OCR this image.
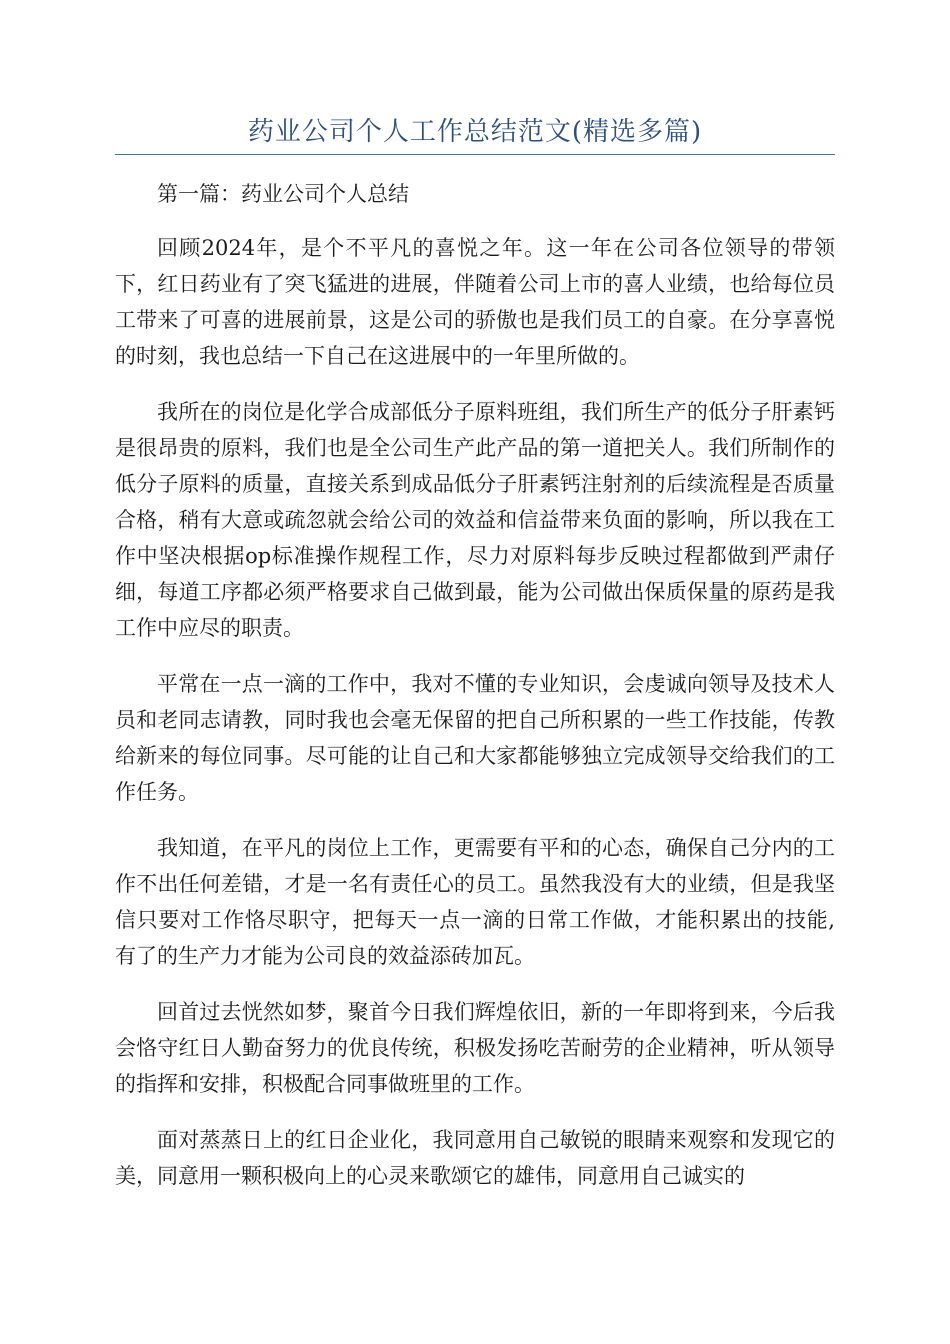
药业公司个人工作总结范文(精选多篇)

第一篇：药业公司个人总结

回顾2024年，是个不平凡的喜悦之年。这一年在公司各位领导的带领下，红日药业有了突飞猛进的进展，伴随着公司上市的喜人业绩，也给每位员工带来了可喜的进展前景，这是公司的骄傲也是我们员工的自豪。在分享喜悦的时刻，我也总结一下自己在这进展中的一年里所做的。

我所在的岗位是化学合成部低分子原料班组，我们所生产的低分子肝素钙是很昂贵的原料，我们也是全公司生产此产品的第一道把关人。我们所制作的低分子原料的质量，直接关系到成品低分子肝素钙注射剂的后续流程是否质量合格，稍有大意或疏忽就会给公司的效益和信益带来负面的影响，所以我在工作中坚决根据op标准操作规程工作，尽力对原料每步反映过程都做到严肃仔细，每道工序都必须严格要求自己做到最，能为公司做出保质保量的原药是我工作中应尽的职责。

平常在一点一滴的工作中，我对不懂的专业知识，会虔诚向领导及技术人员和老同志请教，同时我也会毫无保留的把自己所积累的一些工作技能，传教给新来的每位同事。尽可能的让自己和大家都能够独立完成领导交给我们的工作任务。

我知道，在平凡的岗位上工作，更需要有平和的心态，确保自己分内的工作不出任何差错，才是一名有责任心的员工。虽然我没有大的业绩，但是我坚信只要对工作恪尽职守，把每天一点一滴的日常工作做，才能积累出的技能,有了的生产力才能为公司良的效益添砖加瓦。

回首过去恍然如梦，聚首今日我们辉煌依旧，新的一年即将到来，今后我会恪守红日人勤奋努力的优良传统，积极发扬吃苦耐劳的企业精神，听从领导的指挥和安排，积极配合同事做班里的工作。

面对蒸蒸日上的红日企业化，我同意用自己敏锐的眼睛来观察和发现它的美，同意用一颗积极向上的心灵来歌颂它的雄伟，同意用自己诚实的
